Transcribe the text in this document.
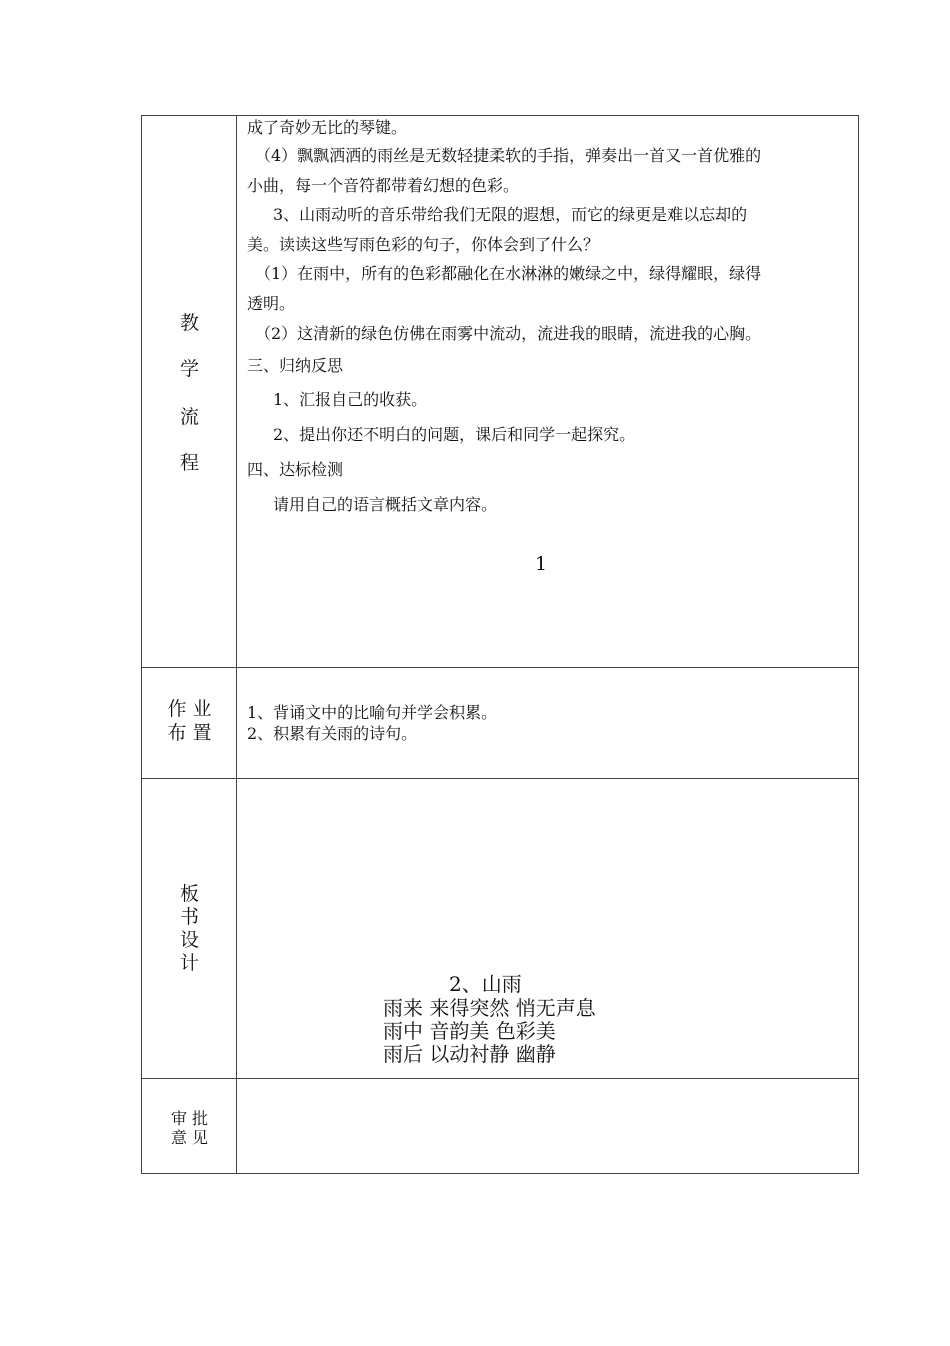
教
学
流
程
成了奇妙无比的琴键。
（4）飘飘洒洒的雨丝是无数轻捷柔软的手指，弹奏出一首又一首优雅的
小曲，每一个音符都带着幻想的色彩。
3、山雨动听的音乐带给我们无限的遐想，而它的绿更是难以忘却的
美。读读这些写雨色彩的句子，你体会到了什么？
（1）在雨中，所有的色彩都融化在水淋淋的嫩绿之中，绿得耀眼，绿得
透明。
（2）这清新的绿色仿佛在雨雾中流动，流进我的眼睛，流进我的心胸。
三、归纳反思
1、汇报自己的收获。
2、提出你还不明白的问题，课后和同学一起探究。
四、达标检测
请用自己的语言概括文章内容。
1
作 业
布 置
1、背诵文中的比喻句并学会积累。
2、积累有关雨的诗句。
板
书
设
计
2、山雨
雨来 来得突然 悄无声息
雨中 音韵美 色彩美
雨后 以动衬静 幽静
审 批
意 见
